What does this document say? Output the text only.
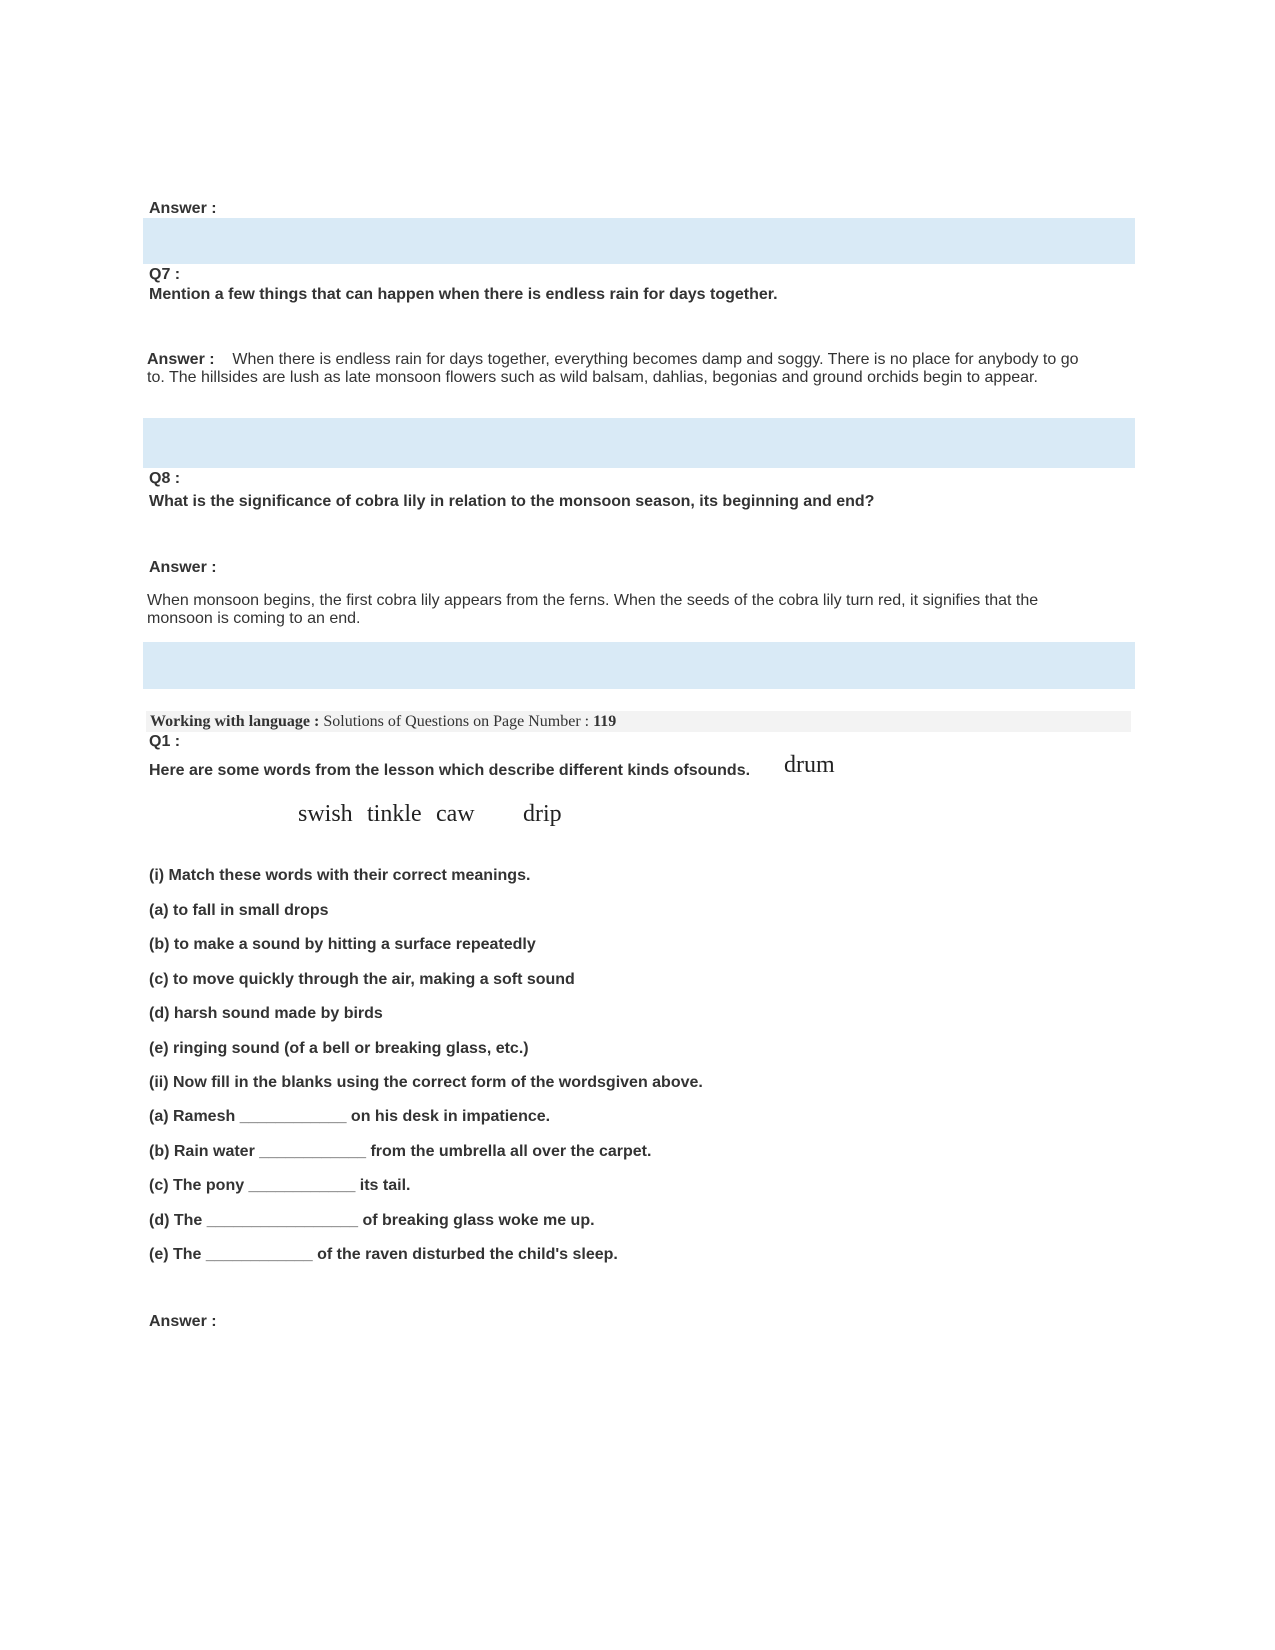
Answer :
Q7 :
Mention a few things that can happen when there is endless rain for days together.
Answer : When there is endless rain for days together, everything becomes damp and soggy. There is no place for anybody to go to. The hillsides are lush as late monsoon flowers such as wild balsam, dahlias, begonias and ground orchids begin to appear.
Q8 :
What is the significance of cobra lily in relation to the monsoon season, its beginning and end?
Answer :
When monsoon begins, the first cobra lily appears from the ferns. When the seeds of the cobra lily turn red, it signifies that the monsoon is coming to an end.
Working with language : Solutions of Questions on Page Number : 119
Q1 :
Here are some words from the lesson which describe different kinds ofsounds. drum
swish tinkle caw drip
(i) Match these words with their correct meanings.
(a) to fall in small drops
(b) to make a sound by hitting a surface repeatedly
(c) to move quickly through the air, making a soft sound
(d) harsh sound made by birds
(e) ringing sound (of a bell or breaking glass, etc.)
(ii) Now fill in the blanks using the correct form of the wordsgiven above.
(a) Ramesh ____________ on his desk in impatience.
(b) Rain water ____________ from the umbrella all over the carpet.
(c) The pony ____________ its tail.
(d) The _________________ of breaking glass woke me up.
(e) The ____________ of the raven disturbed the child's sleep.
Answer :
